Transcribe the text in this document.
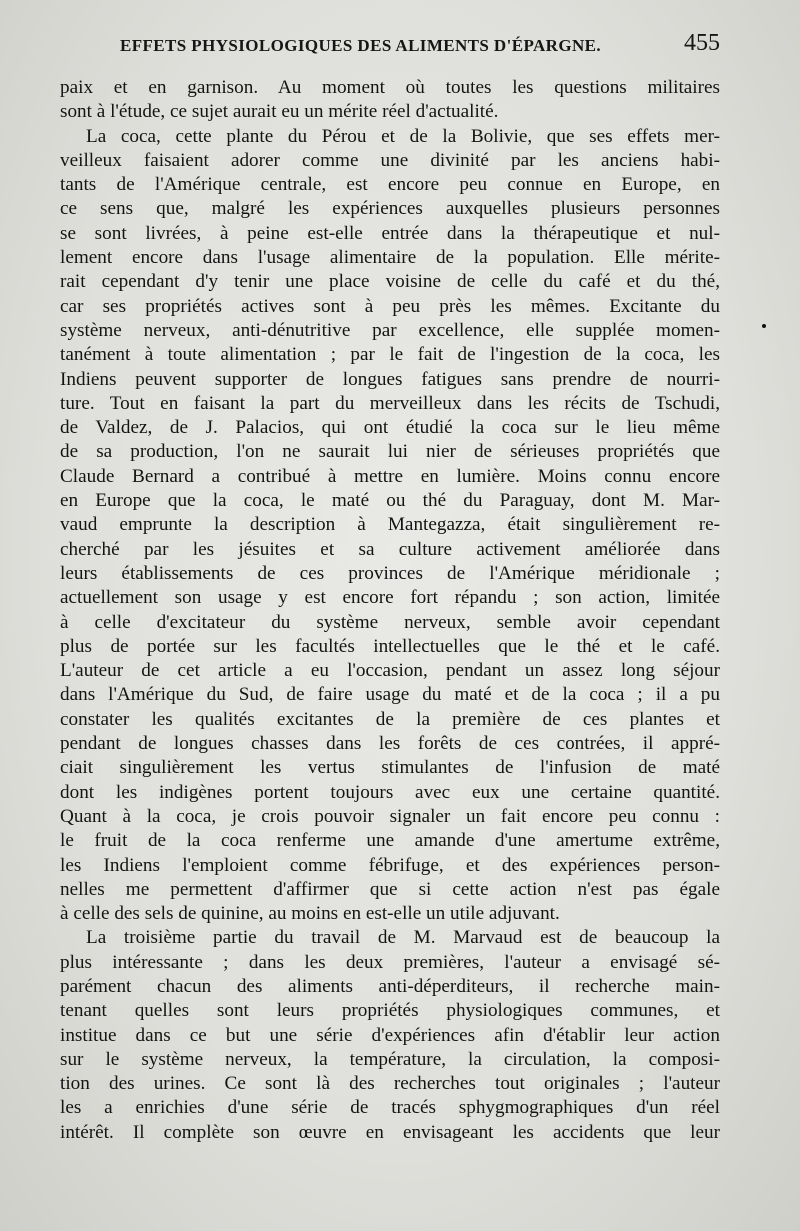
EFFETS PHYSIOLOGIQUES DES ALIMENTS D'ÉPARGNE.	455
paix et en garnison. Au moment où toutes les questions militaires
sont à l'étude, ce sujet aurait eu un mérite réel d'actualité.
La coca, cette plante du Pérou et de la Bolivie, que ses effets mer-
veilleux faisaient adorer comme une divinité par les anciens habi-
tants de l'Amérique centrale, est encore peu connue en Europe, en
ce sens que, malgré les expériences auxquelles plusieurs personnes
se sont livrées, à peine est-elle entrée dans la thérapeutique et nul-
lement encore dans l'usage alimentaire de la population. Elle mérite-
rait cependant d'y tenir une place voisine de celle du café et du thé,
car ses propriétés actives sont à peu près les mêmes. Excitante du
système nerveux, anti-dénutritive par excellence, elle supplée momen-
tanément à toute alimentation ; par le fait de l'ingestion de la coca, les
Indiens peuvent supporter de longues fatigues sans prendre de nourri-
ture. Tout en faisant la part du merveilleux dans les récits de Tschudi,
de Valdez, de J. Palacios, qui ont étudié la coca sur le lieu même
de sa production, l'on ne saurait lui nier de sérieuses propriétés que
Claude Bernard a contribué à mettre en lumière. Moins connu encore
en Europe que la coca, le maté ou thé du Paraguay, dont M. Mar-
vaud emprunte la description à Mantegazza, était singulièrement re-
cherché par les jésuites et sa culture activement améliorée dans
leurs établissements de ces provinces de l'Amérique méridionale ;
actuellement son usage y est encore fort répandu ; son action, limitée
à celle d'excitateur du système nerveux, semble avoir cependant
plus de portée sur les facultés intellectuelles que le thé et le café.
L'auteur de cet article a eu l'occasion, pendant un assez long séjour
dans l'Amérique du Sud, de faire usage du maté et de la coca ; il a pu
constater les qualités excitantes de la première de ces plantes et
pendant de longues chasses dans les forêts de ces contrées, il appré-
ciait singulièrement les vertus stimulantes de l'infusion de maté
dont les indigènes portent toujours avec eux une certaine quantité.
Quant à la coca, je crois pouvoir signaler un fait encore peu connu :
le fruit de la coca renferme une amande d'une amertume extrême,
les Indiens l'emploient comme fébrifuge, et des expériences person-
nelles me permettent d'affirmer que si cette action n'est pas égale
à celle des sels de quinine, au moins en est-elle un utile adjuvant.
La troisième partie du travail de M. Marvaud est de beaucoup la
plus intéressante ; dans les deux premières, l'auteur a envisagé sé-
parément chacun des aliments anti-déperditeurs, il recherche main-
tenant quelles sont leurs propriétés physiologiques communes, et
institue dans ce but une série d'expériences afin d'établir leur action
sur le système nerveux, la température, la circulation, la composi-
tion des urines. Ce sont là des recherches tout originales ; l'auteur
les a enrichies d'une série de tracés sphygmographiques d'un réel
intérêt. Il complète son œuvre en envisageant les accidents que leur
